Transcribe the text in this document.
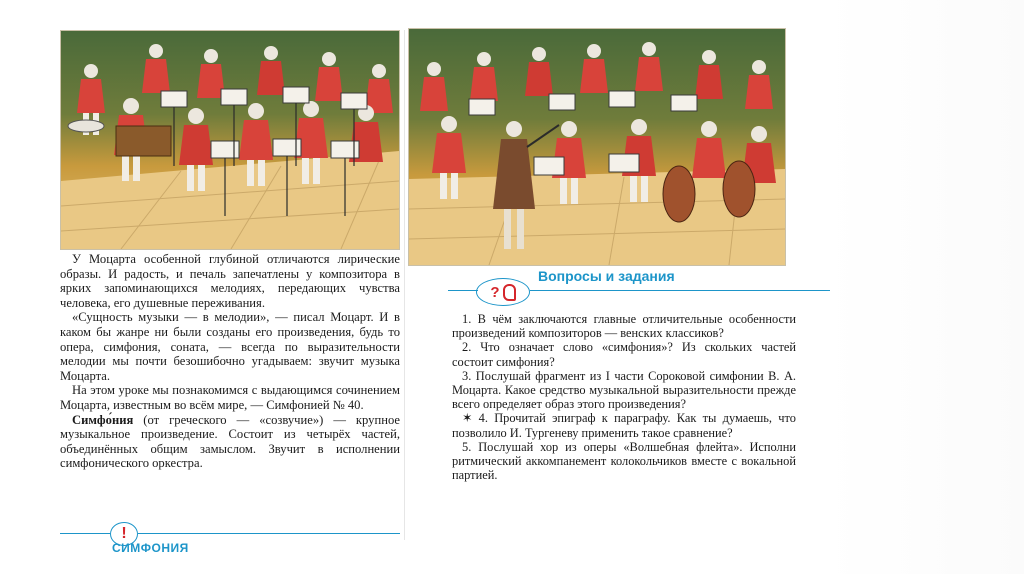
У Моцарта особенной глубиной отличаются лирические образы. И радость, и печаль запечатлены у композитора в ярких запоминающихся мелодиях, передающих чувства человека, его душевные переживания.

«Сущность музыки — в мелодии», — писал Моцарт. И в каком бы жанре ни были созданы его произведения, будь то опера, симфония, соната, — всегда по выразительности мелодии мы почти безошибочно угадываем: звучит музыка Моцарта.

На этом уроке мы познакомимся с выдающимся сочинением Моцарта, известным во всём мире, — Симфонией № 40.

Симфо́ния (от греческого — «созвучие») — крупное музыкальное произведение. Состоит из четырёх частей, объединённых общим замыслом. Звучит в исполнении симфонического оркестра.

!
СИМФОНИЯ
?
Вопросы и задания

1. В чём заключаются главные отличительные особенности произведений композиторов — венских классиков?

2. Что означает слово «симфония»? Из скольких частей состоит симфония?

3. Послушай фрагмент из I части Сороковой симфонии В. А. Моцарта. Какое средство музыкальной выразительности прежде всего определяет образ этого произведения?

✶ 4. Прочитай эпиграф к параграфу. Как ты думаешь, что позволило И. Тургеневу применить такое сравнение?

5. Послушай хор из оперы «Волшебная флейта». Исполни ритмический аккомпанемент колокольчиков вместе с вокальной партией.
